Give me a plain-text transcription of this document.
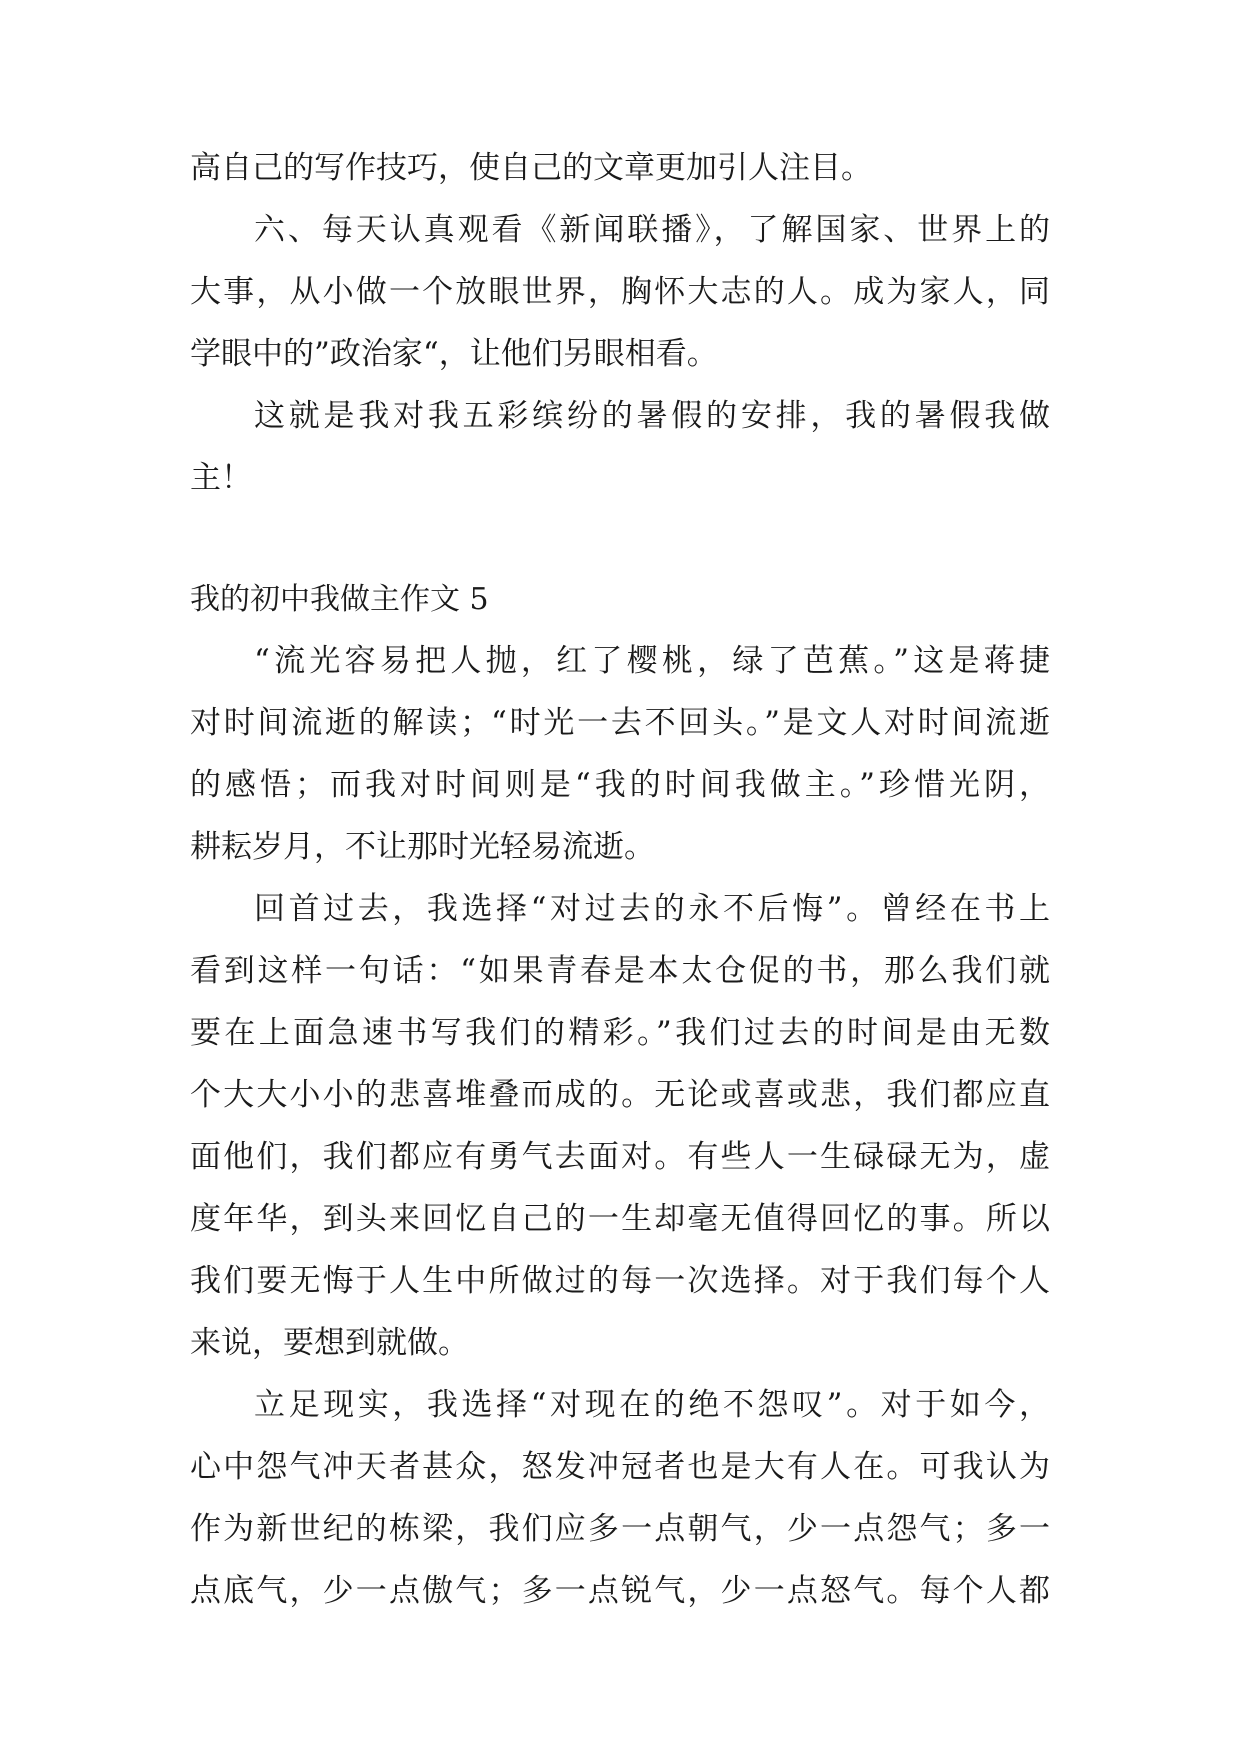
高自己的写作技巧，使自己的文章更加引人注目。
六、每天认真观看《新闻联播》，了解国家、世界上的
大事，从小做一个放眼世界，胸怀大志的人。成为家人，同
学眼中的”政治家“，让他们另眼相看。
这就是我对我五彩缤纷的暑假的安排，我的暑假我做
主！
我的初中我做主作文 5
“流光容易把人抛，红了樱桃，绿了芭蕉。”这是蒋捷
对时间流逝的解读；“时光一去不回头。”是文人对时间流逝
的感悟；而我对时间则是“我的时间我做主。”珍惜光阴，
耕耘岁月，不让那时光轻易流逝。
回首过去，我选择“对过去的永不后悔”。曾经在书上
看到这样一句话：“如果青春是本太仓促的书，那么我们就
要在上面急速书写我们的精彩。”我们过去的时间是由无数
个大大小小的悲喜堆叠而成的。无论或喜或悲，我们都应直
面他们，我们都应有勇气去面对。有些人一生碌碌无为，虚
度年华，到头来回忆自己的一生却毫无值得回忆的事。所以
我们要无悔于人生中所做过的每一次选择。对于我们每个人
来说，要想到就做。
立足现实，我选择“对现在的绝不怨叹”。对于如今，
心中怨气冲天者甚众，怒发冲冠者也是大有人在。可我认为
作为新世纪的栋梁，我们应多一点朝气，少一点怨气；多一
点底气，少一点傲气；多一点锐气，少一点怒气。每个人都
